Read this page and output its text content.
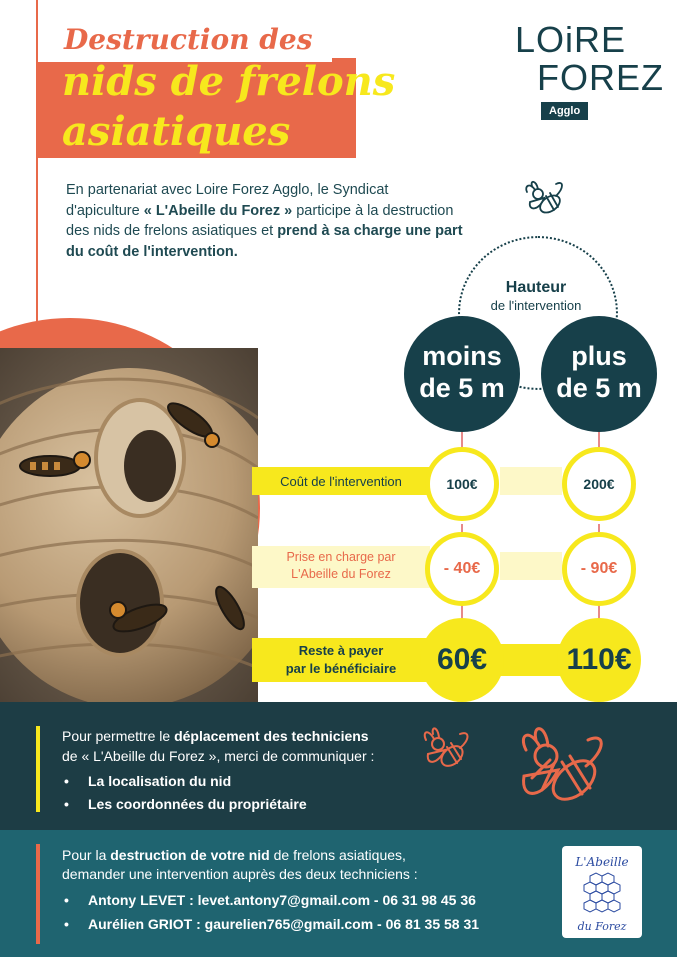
Destruction des
nids de frelons
asiatiques
LOiRE
FOREZ
Agglo
En partenariat avec Loire Forez Agglo, le Syndicat d'apiculture « L'Abeille du Forez » participe à la destruction des nids de frelons asiatiques et prend à sa charge une part du coût de l'intervention.
Hauteur
de l'intervention
moins
de 5 m
plus
de 5 m
Coût de l'intervention	100€	200€
Prise en charge par
L'Abeille du Forez	- 40€	- 90€
Reste à payer
par le bénéficiaire	60€	110€
Pour permettre le déplacement des techniciens
de « L'Abeille du Forez », merci de communiquer :
• La localisation du nid
• Les coordonnées du propriétaire
Pour la destruction de votre nid de frelons asiatiques,
demander une intervention auprès des deux techniciens :
• Antony LEVET : levet.antony7@gmail.com - 06 31 98 45 36
• Aurélien GRIOT : gaurelien765@gmail.com - 06 81 35 58 31
L'Abeille
du Forez
